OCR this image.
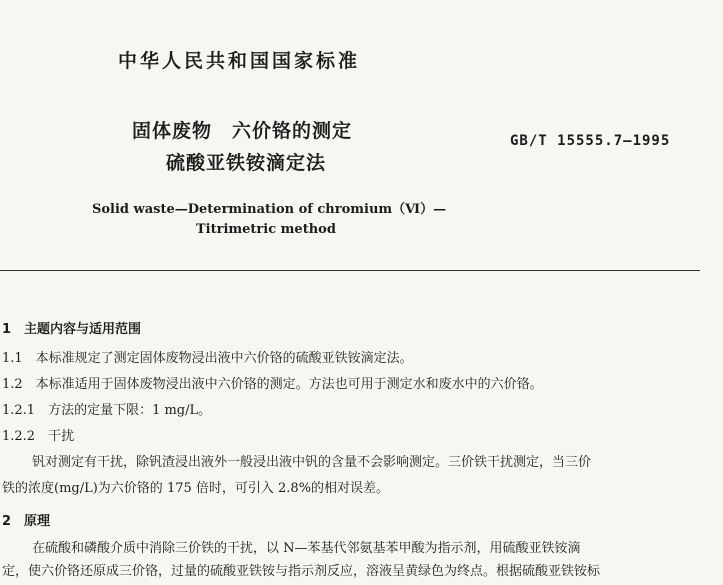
中华人民共和国国家标准
固体废物　六价铬的测定
硫酸亚铁铵滴定法
GB/T 15555.7—1995
Solid waste—Determination of chromium（Ⅵ）—
Titrimetric method
1　主题内容与适用范围
1.1　本标准规定了测定固体废物浸出液中六价铬的硫酸亚铁铵滴定法。
1.2　本标准适用于固体废物浸出液中六价铬的测定。方法也可用于测定水和废水中的六价铬。
1.2.1　方法的定量下限：1 mg/L。
1.2.2　干扰
钒对测定有干扰，除钒渣浸出液外一般浸出液中钒的含量不会影响测定。三价铁干扰测定，当三价
铁的浓度(mg/L)为六价铬的 175 倍时，可引入 2.8%的相对误差。
2　原理
在硫酸和磷酸介质中消除三价铁的干扰，以 N—苯基代邻氨基苯甲酸为指示剂，用硫酸亚铁铵滴
定，使六价铬还原成三价铬，过量的硫酸亚铁铵与指示剂反应，溶液呈黄绿色为终点。根据硫酸亚铁铵标
